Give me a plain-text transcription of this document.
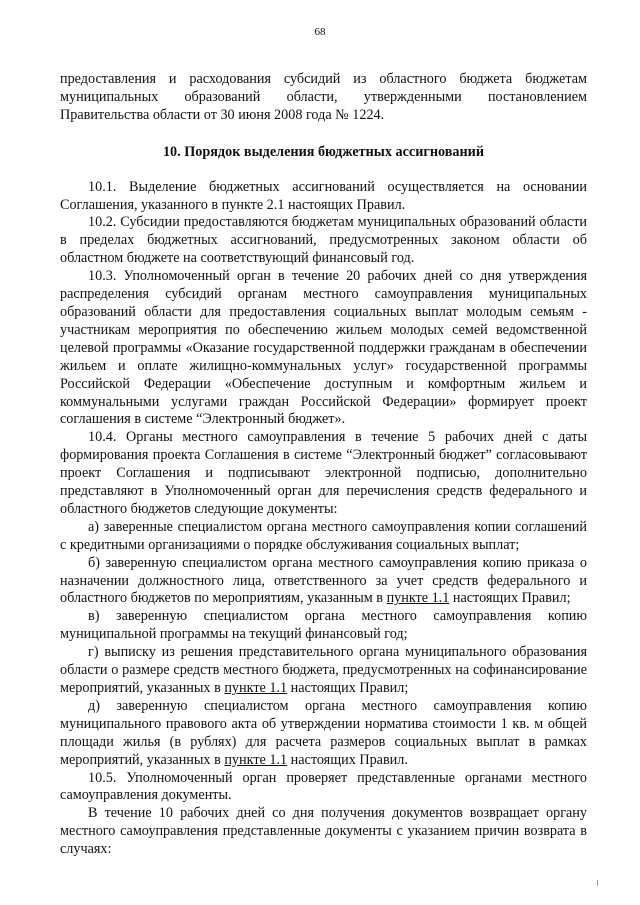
68

предоставления и расходования субсидий из областного бюджета бюджетам муниципальных образований области, утвержденными постановлением Правительства области от 30 июня 2008 года № 1224.

10. Порядок выделения бюджетных ассигнований

10.1. Выделение бюджетных ассигнований осуществляется на основании Соглашения, указанного в пункте 2.1 настоящих Правил.

10.2. Субсидии предоставляются бюджетам муниципальных образований области в пределах бюджетных ассигнований, предусмотренных законом области об областном бюджете на соответствующий финансовый год.

10.3. Уполномоченный орган в течение 20 рабочих дней со дня утверждения распределения субсидий органам местного самоуправления муниципальных образований области для предоставления социальных выплат молодым семьям - участникам мероприятия по обеспечению жильем молодых семей ведомственной целевой программы «Оказание государственной поддержки гражданам в обеспечении жильем и оплате жилищно-коммунальных услуг» государственной программы Российской Федерации «Обеспечение доступным и комфортным жильем и коммунальными услугами граждан Российской Федерации» формирует проект соглашения в системе “Электронный бюджет».

10.4. Органы местного самоуправления в течение 5 рабочих дней с даты формирования проекта Соглашения в системе “Электронный бюджет” согласовывают проект Соглашения и подписывают электронной подписью, дополнительно представляют в Уполномоченный орган для перечисления средств федерального и областного бюджетов следующие документы:

а) заверенные специалистом органа местного самоуправления копии соглашений с кредитными организациями о порядке обслуживания социальных выплат;

б) заверенную специалистом органа местного самоуправления копию приказа о назначении должностного лица, ответственного за учет средств федерального и областного бюджетов по мероприятиям, указанным в пункте 1.1 настоящих Правил;

в) заверенную специалистом органа местного самоуправления копию муниципальной программы на текущий финансовый год;

г) выписку из решения представительного органа муниципального образования области о размере средств местного бюджета, предусмотренных на софинансирование мероприятий, указанных в пункте 1.1 настоящих Правил;

д) заверенную специалистом органа местного самоуправления копию муниципального правового акта об утверждении норматива стоимости 1 кв. м общей площади жилья (в рублях) для расчета размеров социальных выплат в рамках мероприятий, указанных в пункте 1.1 настоящих Правил.

10.5. Уполномоченный орган проверяет представленные органами местного самоуправления документы.

В течение 10 рабочих дней со дня получения документов возвращает органу местного самоуправления представленные документы с указанием причин возврата в случаях:
